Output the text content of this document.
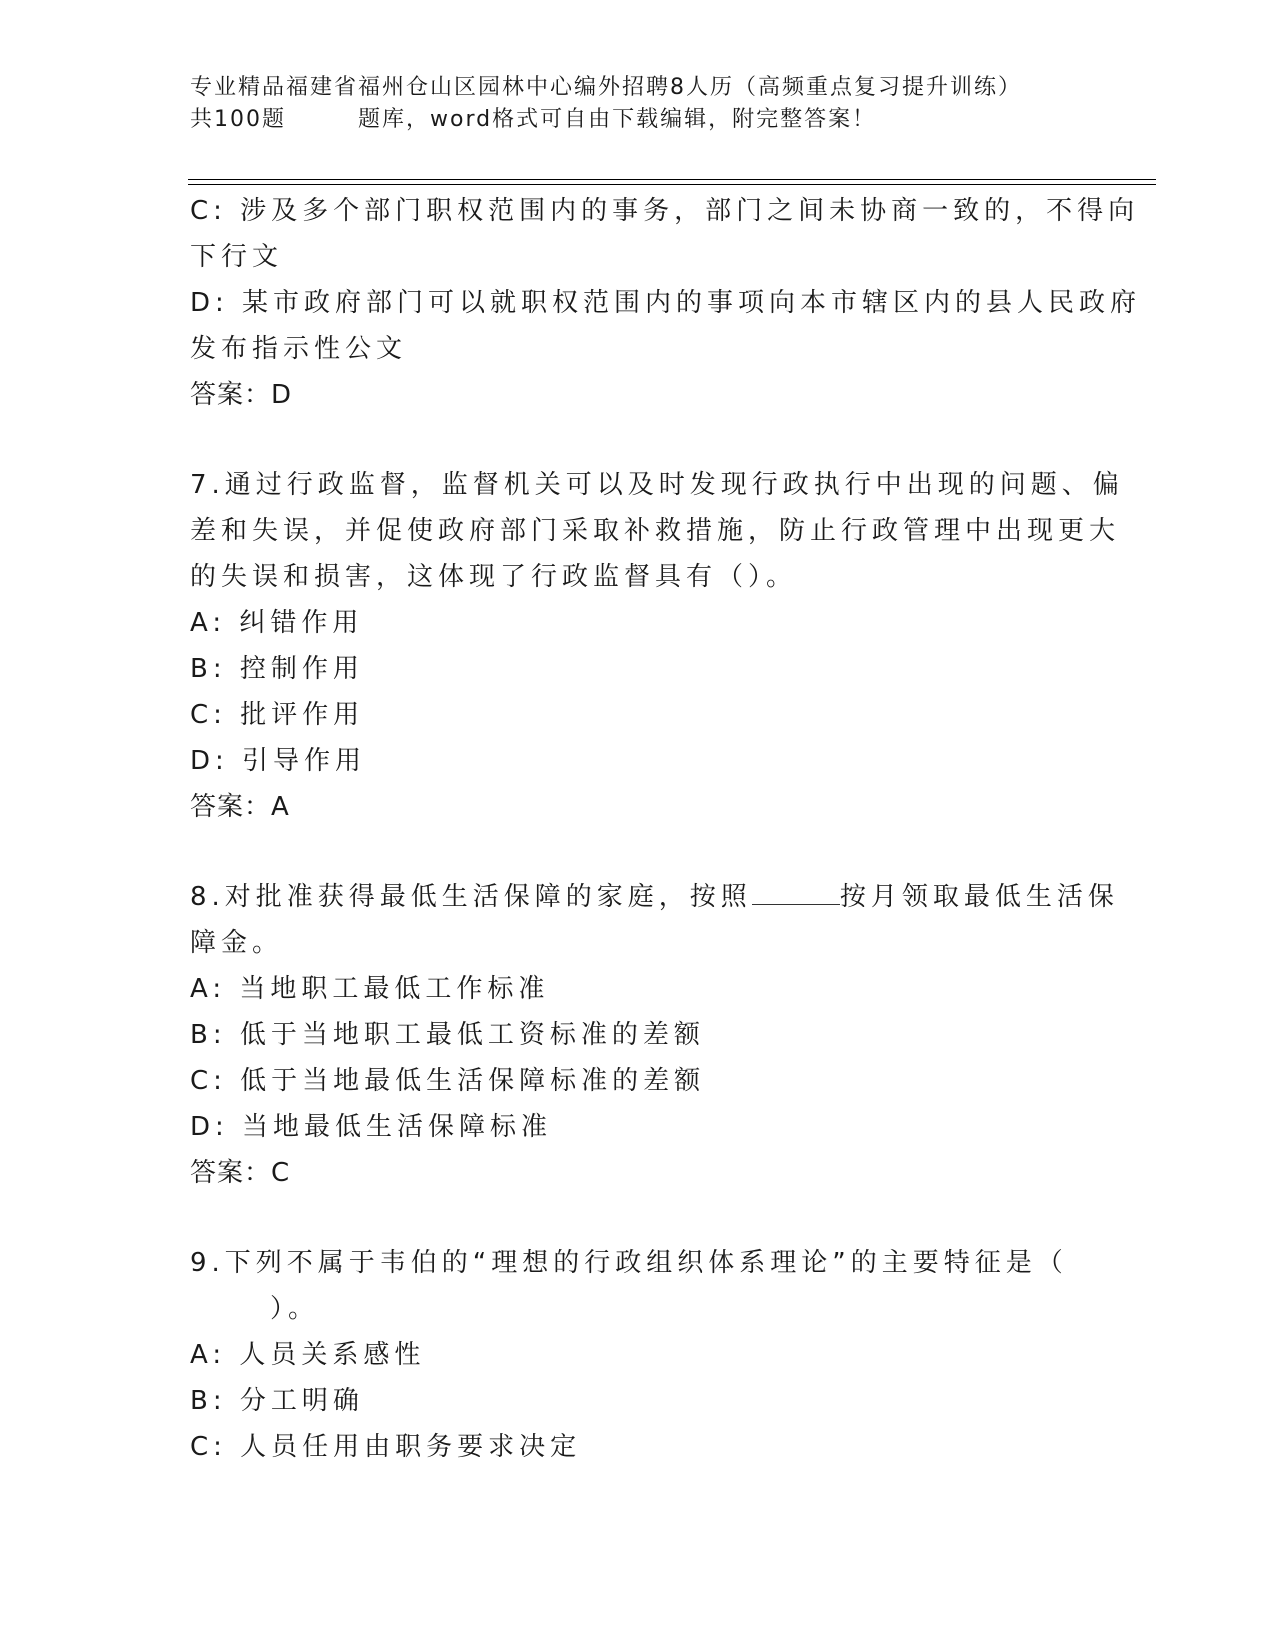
专业精品福建省福州仓山区园林中心编外招聘8人历（高频重点复习提升训练）
共100题	题库，word格式可自由下载编辑，附完整答案！
C: 涉及多个部门职权范围内的事务，部门之间未协商一致的，不得向
下行文
D: 某市政府部门可以就职权范围内的事项向本市辖区内的县人民政府
发布指示性公文
答案：D
7.通过行政监督，监督机关可以及时发现行政执行中出现的问题、偏
差和失误，并促使政府部门采取补救措施，防止行政管理中出现更大
的失误和损害，这体现了行政监督具有（）。
A: 纠错作用
B: 控制作用
C: 批评作用
D: 引导作用
答案：A
8.对批准获得最低生活保障的家庭，按照	按月领取最低生活保
障金。
A: 当地职工最低工作标准
B: 低于当地职工最低工资标准的差额
C: 低于当地最低生活保障标准的差额
D: 当地最低生活保障标准
答案：C
9.下列不属于韦伯的“理想的行政组织体系理论”的主要特征是（
）。
A: 人员关系感性
B: 分工明确
C: 人员任用由职务要求决定
